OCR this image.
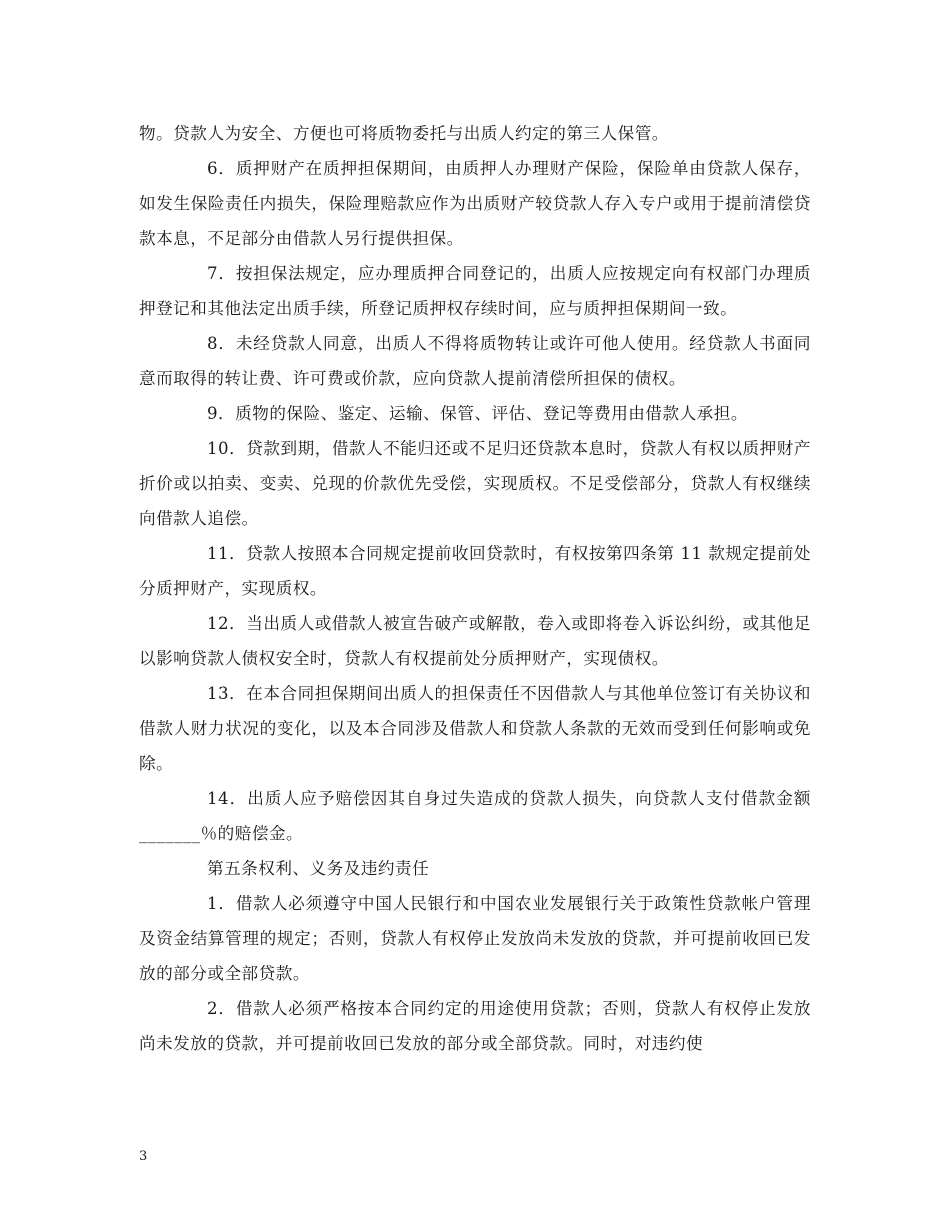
物。贷款人为安全、方便也可将质物委托与出质人约定的第三人保管。

6．质押财产在质押担保期间，由质押人办理财产保险，保险单由贷款人保存，如发生保险责任内损失，保险理赔款应作为出质财产较贷款人存入专户或用于提前清偿贷款本息，不足部分由借款人另行提供担保。

7．按担保法规定，应办理质押合同登记的，出质人应按规定向有权部门办理质押登记和其他法定出质手续，所登记质押权存续时间，应与质押担保期间一致。

8．未经贷款人同意，出质人不得将质物转让或许可他人使用。经贷款人书面同意而取得的转让费、许可费或价款，应向贷款人提前清偿所担保的债权。

9．质物的保险、鉴定、运输、保管、评估、登记等费用由借款人承担。

10．贷款到期，借款人不能归还或不足归还贷款本息时，贷款人有权以质押财产折价或以拍卖、变卖、兑现的价款优先受偿，实现质权。不足受偿部分，贷款人有权继续向借款人追偿。

11．贷款人按照本合同规定提前收回贷款时，有权按第四条第 11 款规定提前处分质押财产，实现质权。

12．当出质人或借款人被宣告破产或解散，卷入或即将卷入诉讼纠纷，或其他足以影响贷款人债权安全时，贷款人有权提前处分质押财产，实现债权。

13．在本合同担保期间出质人的担保责任不因借款人与其他单位签订有关协议和借款人财力状况的变化，以及本合同涉及借款人和贷款人条款的无效而受到任何影响或免除。

14．出质人应予赔偿因其自身过失造成的贷款人损失，向贷款人支付借款金额_______％的赔偿金。

第五条权利、义务及违约责任

1．借款人必须遵守中国人民银行和中国农业发展银行关于政策性贷款帐户管理及资金结算管理的规定；否则，贷款人有权停止发放尚未发放的贷款，并可提前收回已发放的部分或全部贷款。

2．借款人必须严格按本合同约定的用途使用贷款；否则，贷款人有权停止发放尚未发放的贷款，并可提前收回已发放的部分或全部贷款。同时，对违约使

3
